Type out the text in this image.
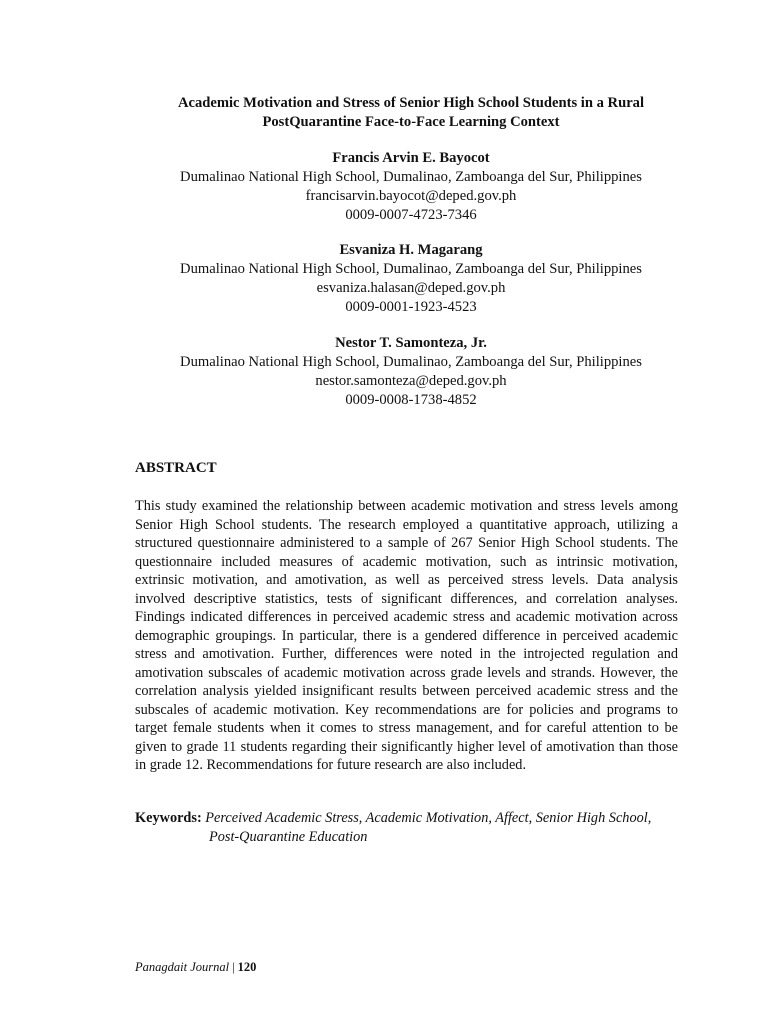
Academic Motivation and Stress of Senior High School Students in a Rural
PostQuarantine Face-to-Face Learning Context
Francis Arvin E. Bayocot
Dumalinao National High School, Dumalinao, Zamboanga del Sur, Philippines
francisarvin.bayocot@deped.gov.ph
0009-0007-4723-7346
Esvaniza H. Magarang
Dumalinao National High School, Dumalinao, Zamboanga del Sur, Philippines
esvaniza.halasan@deped.gov.ph
0009-0001-1923-4523
Nestor T. Samonteza, Jr.
Dumalinao National High School, Dumalinao, Zamboanga del Sur, Philippines
nestor.samonteza@deped.gov.ph
0009-0008-1738-4852
ABSTRACT
This study examined the relationship between academic motivation and stress levels among Senior High School students. The research employed a quantitative approach, utilizing a structured questionnaire administered to a sample of 267 Senior High School students. The questionnaire included measures of academic motivation, such as intrinsic motivation, extrinsic motivation, and amotivation, as well as perceived stress levels. Data analysis involved descriptive statistics, tests of significant differences, and correlation analyses. Findings indicated differences in perceived academic stress and academic motivation across demographic groupings. In particular, there is a gendered difference in perceived academic stress and amotivation. Further, differences were noted in the introjected regulation and amotivation subscales of academic motivation across grade levels and strands. However, the correlation analysis yielded insignificant results between perceived academic stress and the subscales of academic motivation. Key recommendations are for policies and programs to target female students when it comes to stress management, and for careful attention to be given to grade 11 students regarding their significantly higher level of amotivation than those in grade 12. Recommendations for future research are also included.
Keywords: Perceived Academic Stress, Academic Motivation, Affect, Senior High School,
Post-Quarantine Education
Panagdait Journal | 120
